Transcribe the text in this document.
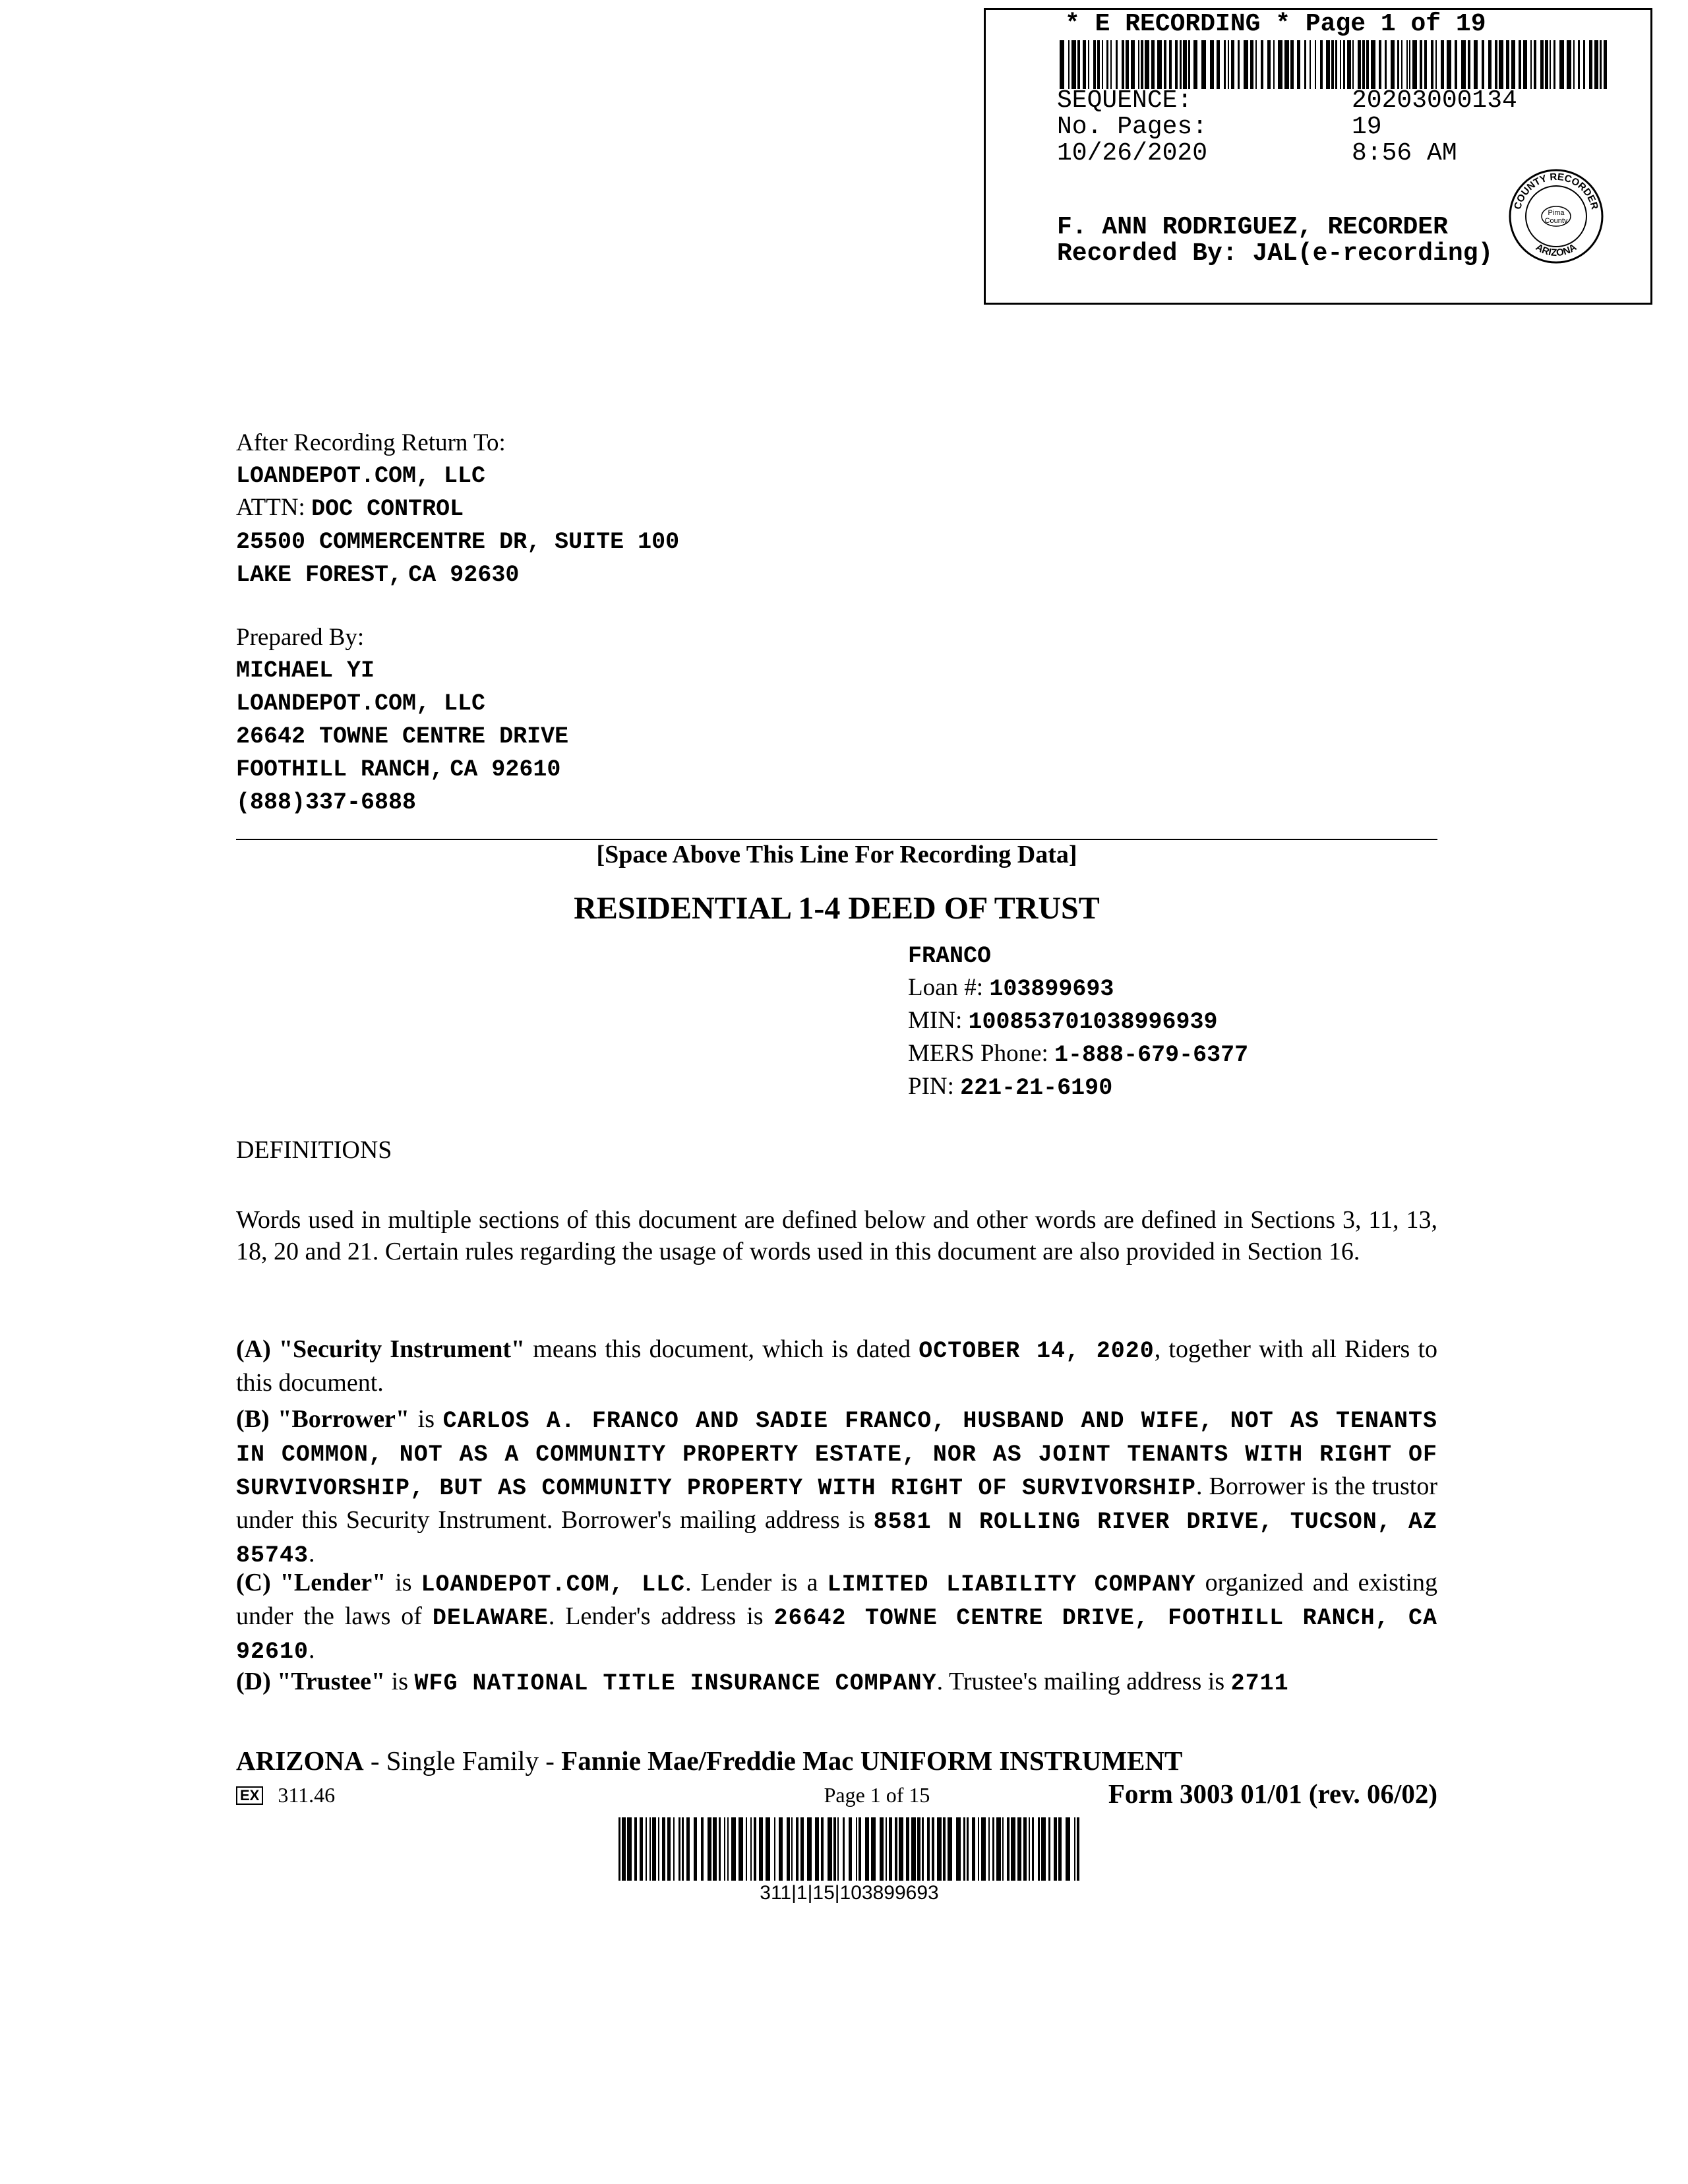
* E RECORDING * Page 1 of 19
SEQUENCE:	20203000134
No. Pages:	19
10/26/2020	8:56 AM
F. ANN RODRIGUEZ, RECORDER
Recorded By: JAL(e-recording)
COUNTY RECORDER
ARIZONA
Pima
County
After Recording Return To:
LOANDEPOT.COM, LLC
ATTN: DOC CONTROL
25500 COMMERCENTRE DR, SUITE 100
LAKE FOREST, CA 92630
Prepared By:
MICHAEL YI
LOANDEPOT.COM, LLC
26642 TOWNE CENTRE DRIVE
FOOTHILL RANCH, CA 92610
(888)337-6888
[Space Above This Line For Recording Data]
RESIDENTIAL 1-4 DEED OF TRUST
FRANCO
Loan #: 103899693
MIN: 100853701038996939
MERS Phone: 1-888-679-6377
PIN: 221-21-6190
DEFINITIONS
Words used in multiple sections of this document are defined below and other words are defined in Sections 3, 11, 13, 18, 20 and 21. Certain rules regarding the usage of words used in this document are also provided in Section 16.
(A) "Security Instrument" means this document, which is dated OCTOBER 14, 2020, together with all Riders to this document.
(B) "Borrower" is CARLOS A. FRANCO AND SADIE FRANCO, HUSBAND AND WIFE, NOT AS TENANTS IN COMMON, NOT AS A COMMUNITY PROPERTY ESTATE, NOR AS JOINT TENANTS WITH RIGHT OF SURVIVORSHIP, BUT AS COMMUNITY PROPERTY WITH RIGHT OF SURVIVORSHIP. Borrower is the trustor under this Security Instrument. Borrower's mailing address is 8581 N ROLLING RIVER DRIVE, TUCSON, AZ 85743.
(C) "Lender" is LOANDEPOT.COM, LLC. Lender is a LIMITED LIABILITY COMPANY organized and existing under the laws of DELAWARE. Lender's address is 26642 TOWNE CENTRE DRIVE, FOOTHILL RANCH, CA 92610.
(D) "Trustee" is WFG NATIONAL TITLE INSURANCE COMPANY. Trustee's mailing address is 2711
ARIZONA - Single Family - Fannie Mae/Freddie Mac UNIFORM INSTRUMENT
EX 311.46	Page 1 of 15	Form 3003 01/01 (rev. 06/02)
311|1|15|103899693
